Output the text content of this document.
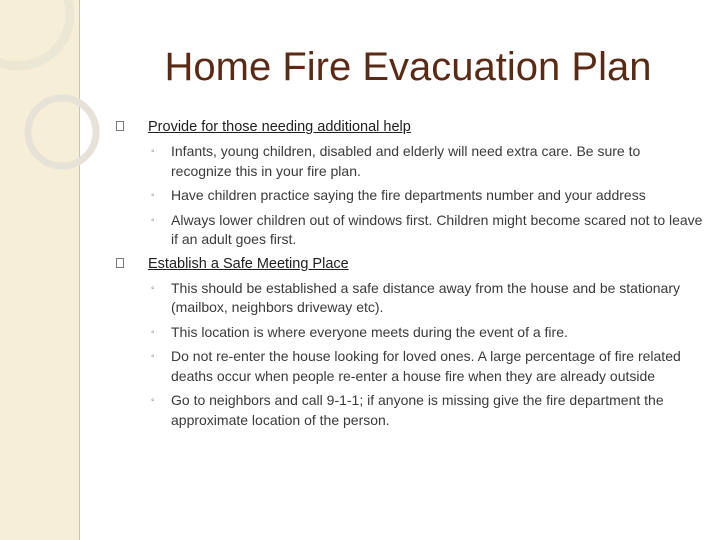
Home Fire Evacuation Plan
Provide for those needing additional help
◦ Infants, young children, disabled and elderly will need extra care. Be sure to recognize this in your fire plan.
◦ Have children practice saying the fire departments number and your address
◦ Always lower children out of windows first. Children might become scared not to leave if an adult goes first.
Establish a Safe Meeting Place
◦ This should be established a safe distance away from the house and be stationary (mailbox, neighbors driveway etc).
◦ This location is where everyone meets during the event of a fire.
◦ Do not re-enter the house looking for loved ones. A large percentage of fire related deaths occur when people re-enter a house fire when they are already outside
◦ Go to neighbors and call 9-1-1; if anyone is missing give the fire department the approximate location of the person.
